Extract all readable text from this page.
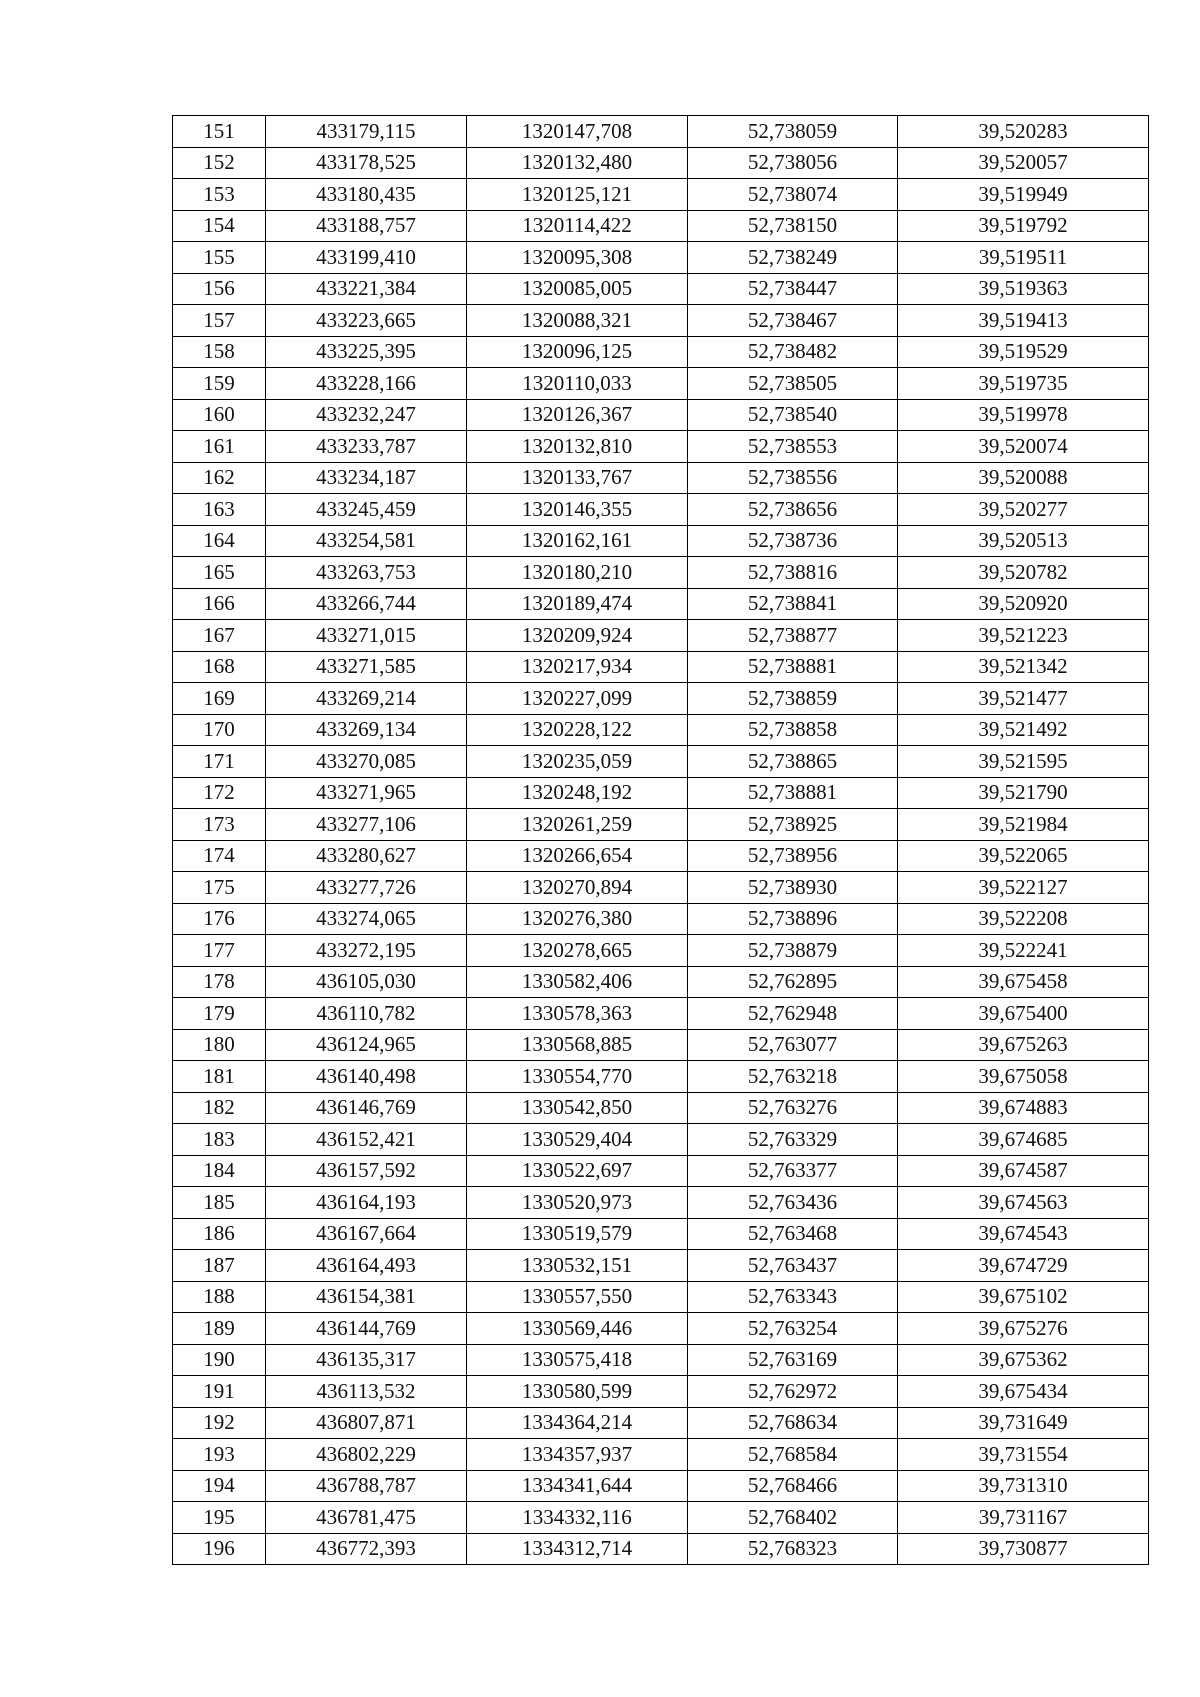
151	433179,115	1320147,708	52,738059	39,520283
152	433178,525	1320132,480	52,738056	39,520057
153	433180,435	1320125,121	52,738074	39,519949
154	433188,757	1320114,422	52,738150	39,519792
155	433199,410	1320095,308	52,738249	39,519511
156	433221,384	1320085,005	52,738447	39,519363
157	433223,665	1320088,321	52,738467	39,519413
158	433225,395	1320096,125	52,738482	39,519529
159	433228,166	1320110,033	52,738505	39,519735
160	433232,247	1320126,367	52,738540	39,519978
161	433233,787	1320132,810	52,738553	39,520074
162	433234,187	1320133,767	52,738556	39,520088
163	433245,459	1320146,355	52,738656	39,520277
164	433254,581	1320162,161	52,738736	39,520513
165	433263,753	1320180,210	52,738816	39,520782
166	433266,744	1320189,474	52,738841	39,520920
167	433271,015	1320209,924	52,738877	39,521223
168	433271,585	1320217,934	52,738881	39,521342
169	433269,214	1320227,099	52,738859	39,521477
170	433269,134	1320228,122	52,738858	39,521492
171	433270,085	1320235,059	52,738865	39,521595
172	433271,965	1320248,192	52,738881	39,521790
173	433277,106	1320261,259	52,738925	39,521984
174	433280,627	1320266,654	52,738956	39,522065
175	433277,726	1320270,894	52,738930	39,522127
176	433274,065	1320276,380	52,738896	39,522208
177	433272,195	1320278,665	52,738879	39,522241
178	436105,030	1330582,406	52,762895	39,675458
179	436110,782	1330578,363	52,762948	39,675400
180	436124,965	1330568,885	52,763077	39,675263
181	436140,498	1330554,770	52,763218	39,675058
182	436146,769	1330542,850	52,763276	39,674883
183	436152,421	1330529,404	52,763329	39,674685
184	436157,592	1330522,697	52,763377	39,674587
185	436164,193	1330520,973	52,763436	39,674563
186	436167,664	1330519,579	52,763468	39,674543
187	436164,493	1330532,151	52,763437	39,674729
188	436154,381	1330557,550	52,763343	39,675102
189	436144,769	1330569,446	52,763254	39,675276
190	436135,317	1330575,418	52,763169	39,675362
191	436113,532	1330580,599	52,762972	39,675434
192	436807,871	1334364,214	52,768634	39,731649
193	436802,229	1334357,937	52,768584	39,731554
194	436788,787	1334341,644	52,768466	39,731310
195	436781,475	1334332,116	52,768402	39,731167
196	436772,393	1334312,714	52,768323	39,730877
